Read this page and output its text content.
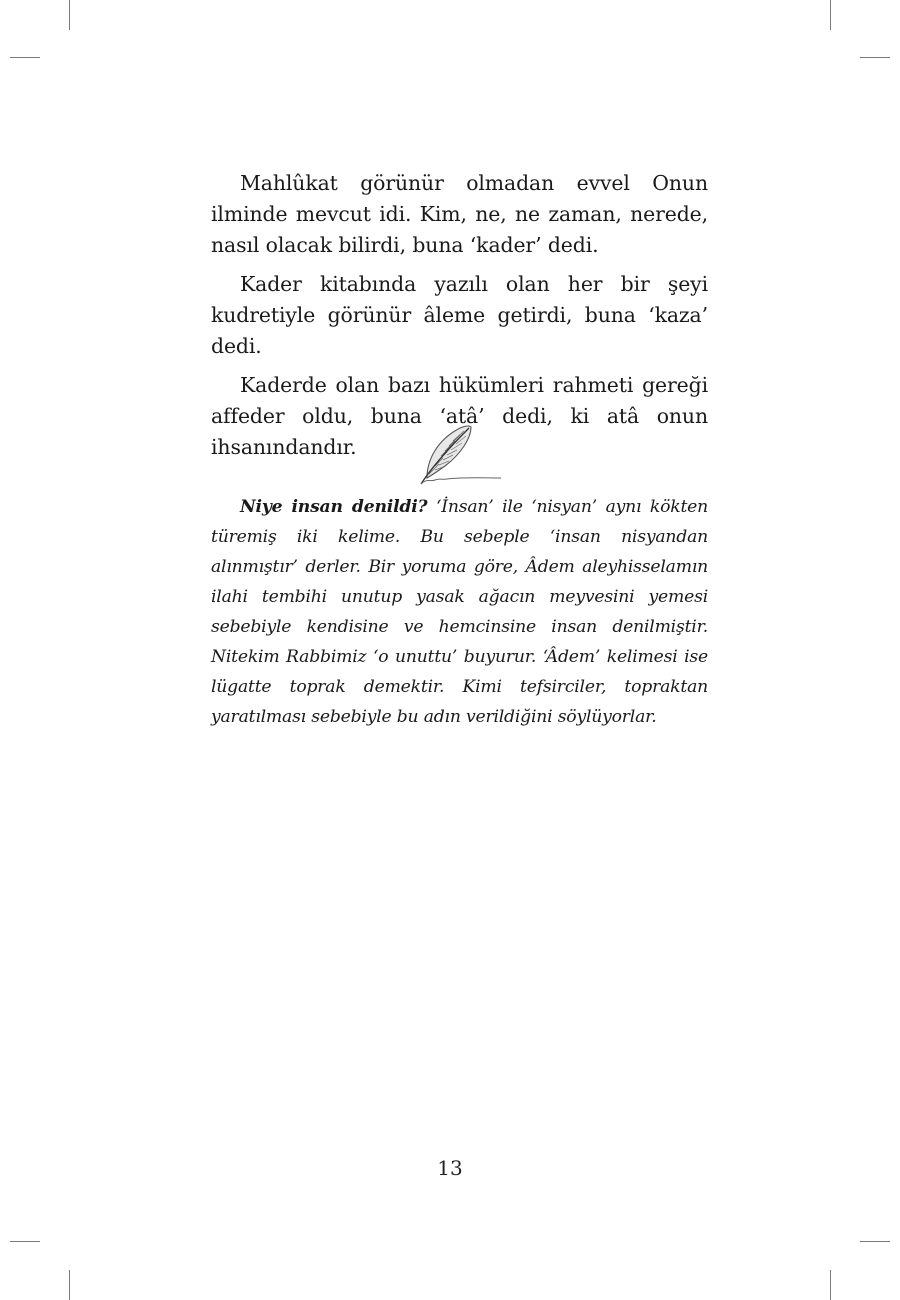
Mahlûkat görünür olmadan evvel Onun ilminde mevcut idi. Kim, ne, ne zaman, nerede, nasıl olacak bilirdi, buna ‘kader’ dedi.

Kader kitabında yazılı olan her bir şeyi kudretiyle görünür âleme getirdi, buna ‘kaza’ dedi.

Kaderde olan bazı hükümleri rahmeti gereği affeder oldu, buna ‘atâ’ dedi, ki atâ onun ihsanındandır.

Niye insan denildi? ‘İnsan’ ile ‘nisyan’ aynı kökten türemiş iki kelime. Bu sebeple ‘insan nisyandan alınmıştır’ derler. Bir yoruma göre, Âdem aleyhisselamın ilahi tembihi unutup yasak ağacın meyvesini yemesi sebebiyle kendisine ve hemcinsine insan denilmiştir. Nitekim Rabbimiz ‘o unuttu’ buyurur. ‘Âdem’ kelimesi ise lügatte toprak demektir. Kimi tefsirciler, topraktan yaratılması sebebiyle bu adın verildiğini söylüyorlar.

13
